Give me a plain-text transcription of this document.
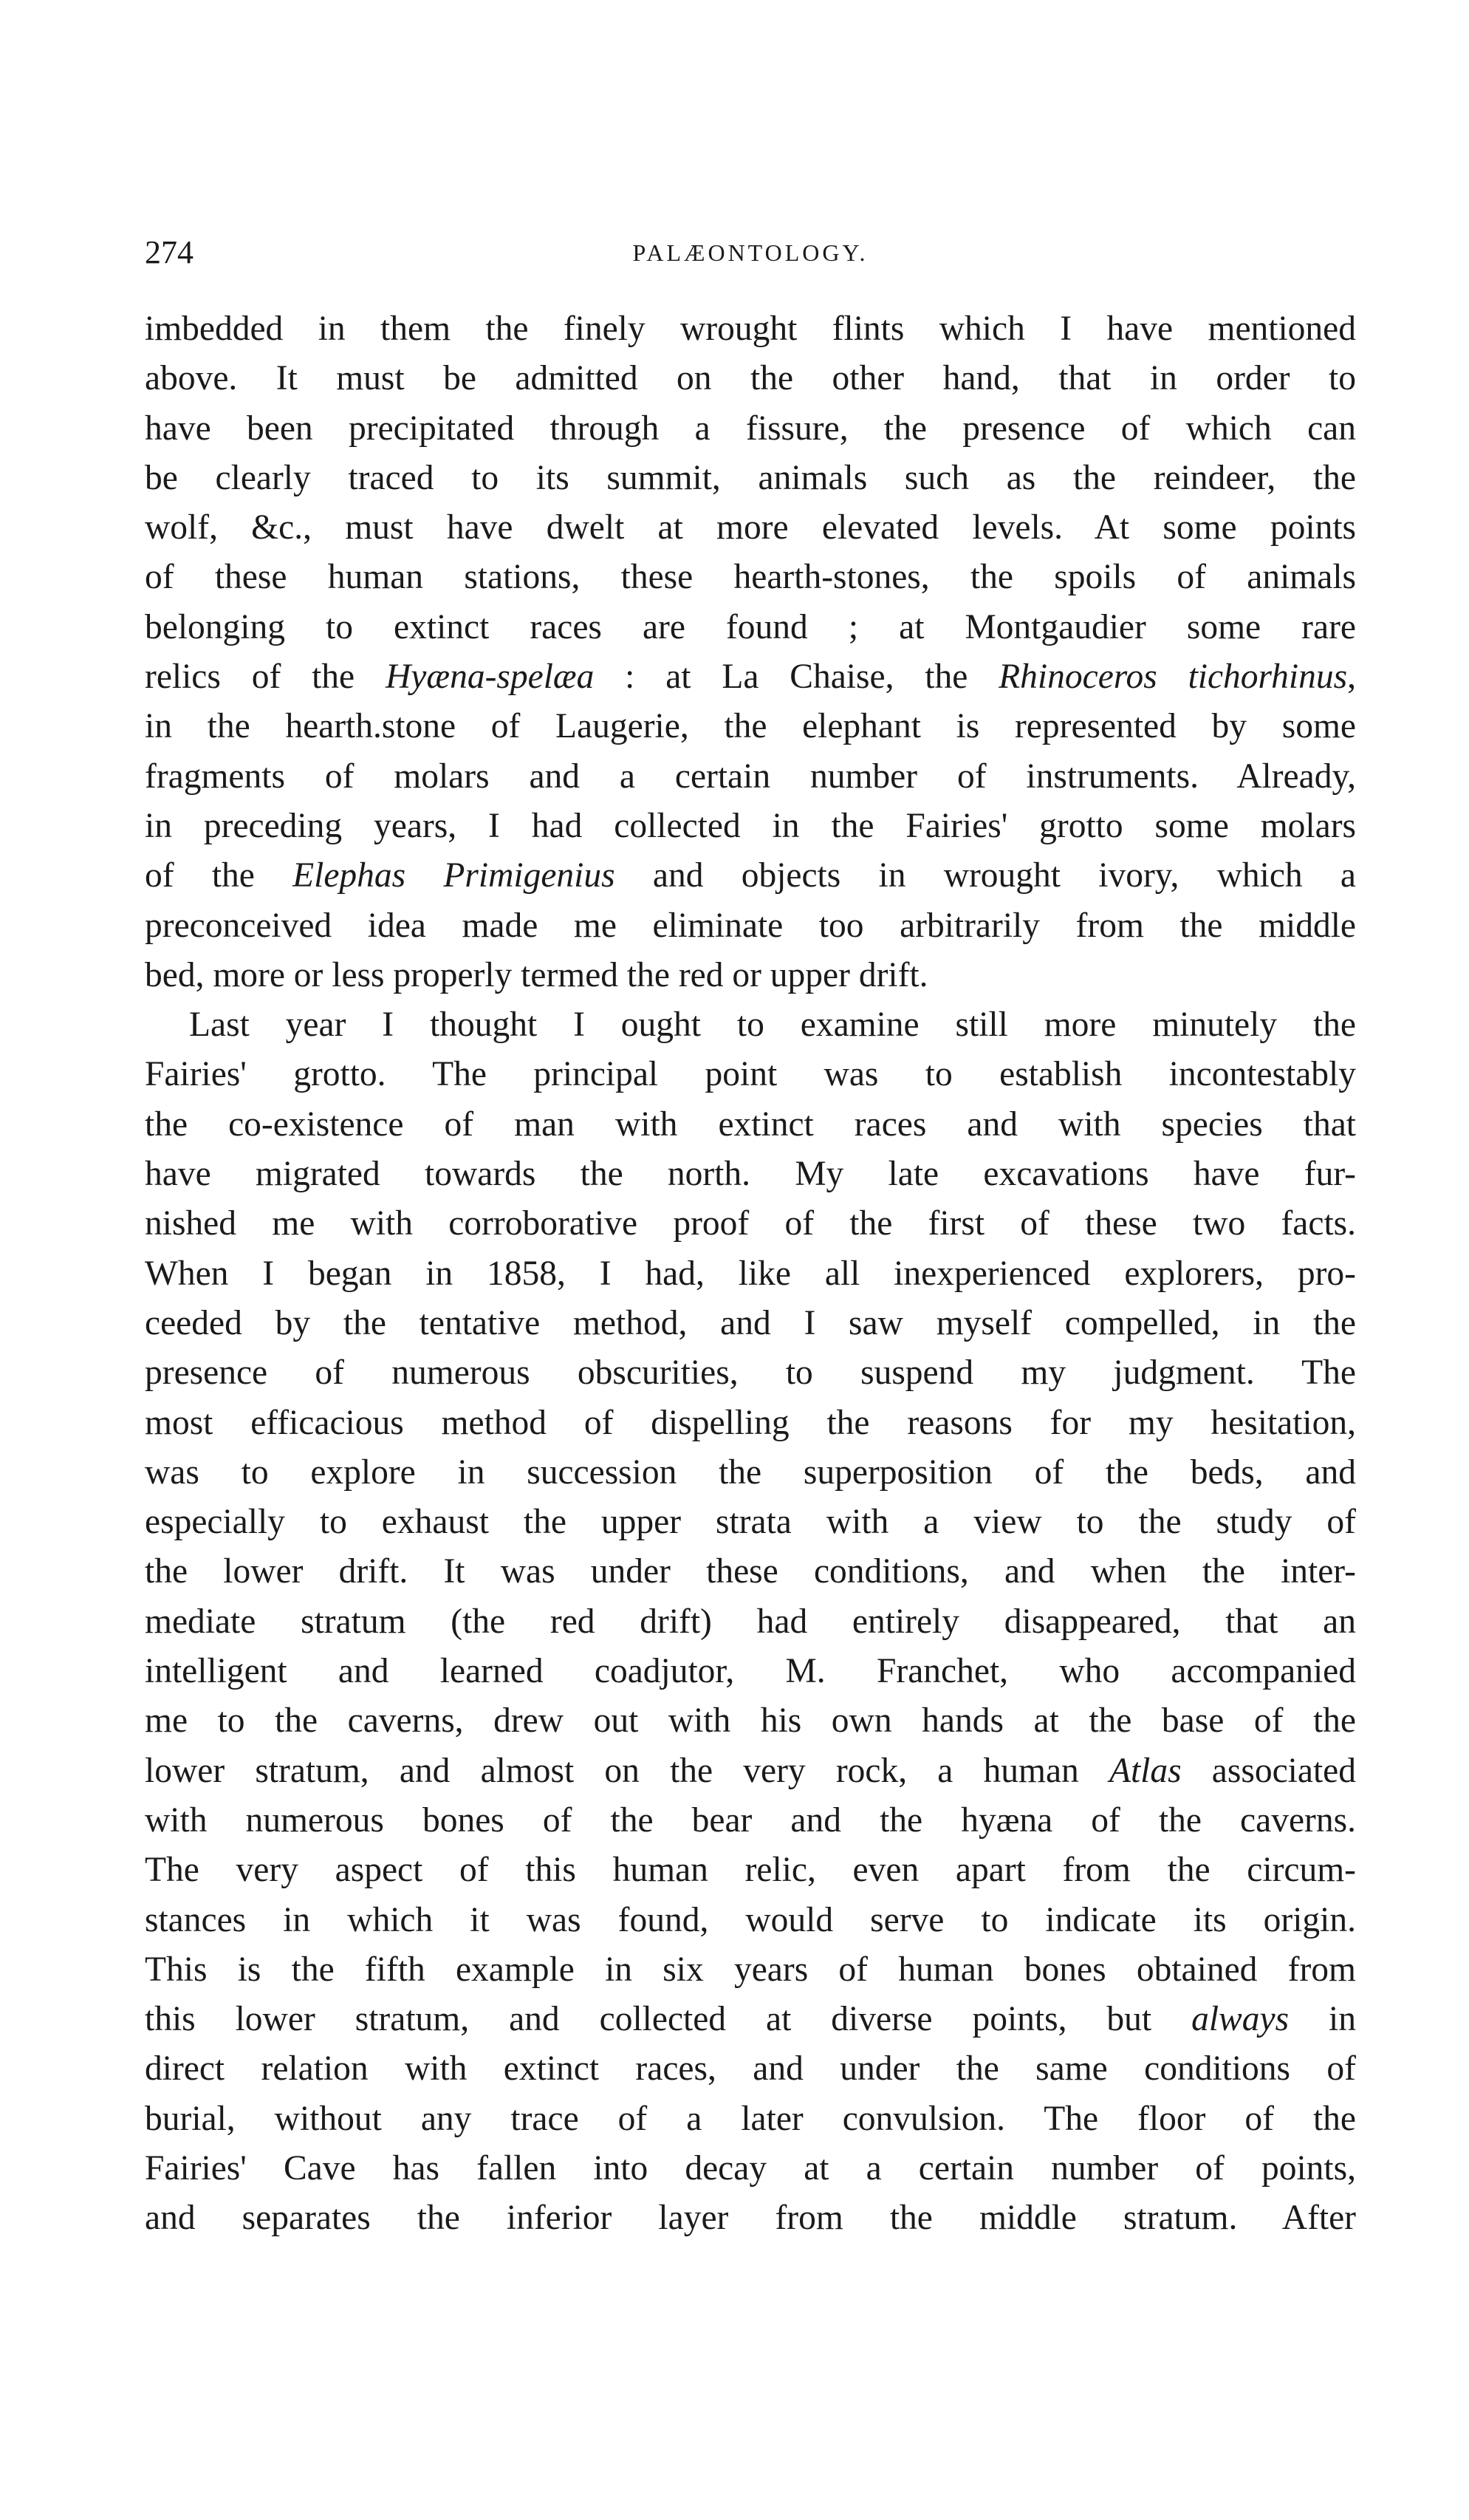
274	PALÆONTOLOGY.
imbedded in them the finely wrought flints which I have mentioned
above. It must be admitted on the other hand, that in order to
have been precipitated through a fissure, the presence of which can
be clearly traced to its summit, animals such as the reindeer, the
wolf, &c., must have dwelt at more elevated levels. At some points
of these human stations, these hearth-stones, the spoils of animals
belonging to extinct races are found ; at Montgaudier some rare
relics of the Hyæna-spelæa : at La Chaise, the Rhinoceros tichorhinus,
in the hearth.stone of Laugerie, the elephant is represented by some
fragments of molars and a certain number of instruments. Already,
in preceding years, I had collected in the Fairies' grotto some molars
of the Elephas Primigenius and objects in wrought ivory, which a
preconceived idea made me eliminate too arbitrarily from the middle
bed, more or less properly termed the red or upper drift.
Last year I thought I ought to examine still more minutely the
Fairies' grotto. The principal point was to establish incontestably
the co-existence of man with extinct races and with species that
have migrated towards the north. My late excavations have fur-
nished me with corroborative proof of the first of these two facts.
When I began in 1858, I had, like all inexperienced explorers, pro-
ceeded by the tentative method, and I saw myself compelled, in the
presence of numerous obscurities, to suspend my judgment. The
most efficacious method of dispelling the reasons for my hesitation,
was to explore in succession the superposition of the beds, and
especially to exhaust the upper strata with a view to the study of
the lower drift. It was under these conditions, and when the inter-
mediate stratum (the red drift) had entirely disappeared, that an
intelligent and learned coadjutor, M. Franchet, who accompanied
me to the caverns, drew out with his own hands at the base of the
lower stratum, and almost on the very rock, a human Atlas associated
with numerous bones of the bear and the hyæna of the caverns.
The very aspect of this human relic, even apart from the circum-
stances in which it was found, would serve to indicate its origin.
This is the fifth example in six years of human bones obtained from
this lower stratum, and collected at diverse points, but always in
direct relation with extinct races, and under the same conditions of
burial, without any trace of a later convulsion. The floor of the
Fairies' Cave has fallen into decay at a certain number of points,
and separates the inferior layer from the middle stratum. After
